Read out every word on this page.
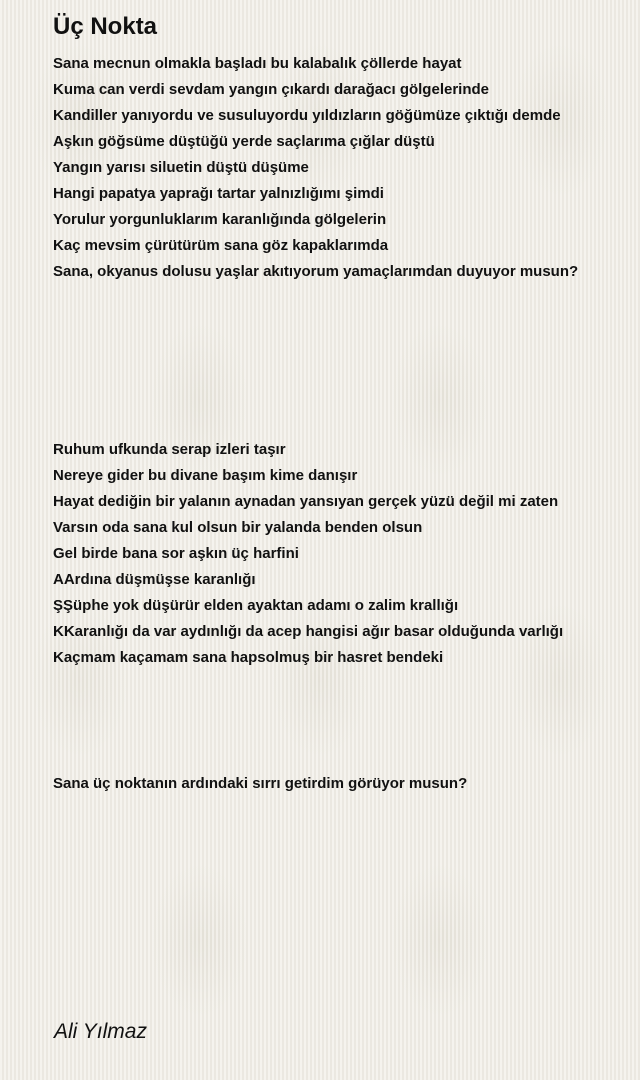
Üç Nokta
Sana mecnun olmakla başladı bu kalabalık çöllerde hayat
Kuma can verdi sevdam yangın çıkardı darağacı gölgelerinde
Kandiller yanıyordu ve susuluyordu yıldızların göğümüze çıktığı demde
Aşkın göğsüme düştüğü yerde saçlarıma çığlar düştü
Yangın yarısı siluetin düştü düşüme
Hangi papatya yaprağı tartar yalnızlığımı şimdi
Yorulur yorgunluklarım karanlığında gölgelerin
Kaç mevsim çürütürüm sana göz kapaklarımda
Sana, okyanus dolusu yaşlar akıtıyorum yamaçlarımdan duyuyor musun?
Ruhum ufkunda serap izleri taşır
Nereye gider bu divane başım kime danışır
Hayat dediğin bir yalanın aynadan yansıyan gerçek yüzü değil mi zaten
Varsın oda sana kul olsun bir yalanda benden olsun
Gel birde bana sor aşkın üç harfini
AArdına düşmüşse karanlığı
ŞŞüphe yok düşürür elden ayaktan adamı o zalim krallığı
KKaranlığı da var aydınlığı da acep hangisi ağır basar olduğunda varlığı
Kaçmam kaçamam sana hapsolmuş bir hasret bendeki
Sana üç noktanın ardındaki sırrı getirdim görüyor musun?
Ali Yılmaz
